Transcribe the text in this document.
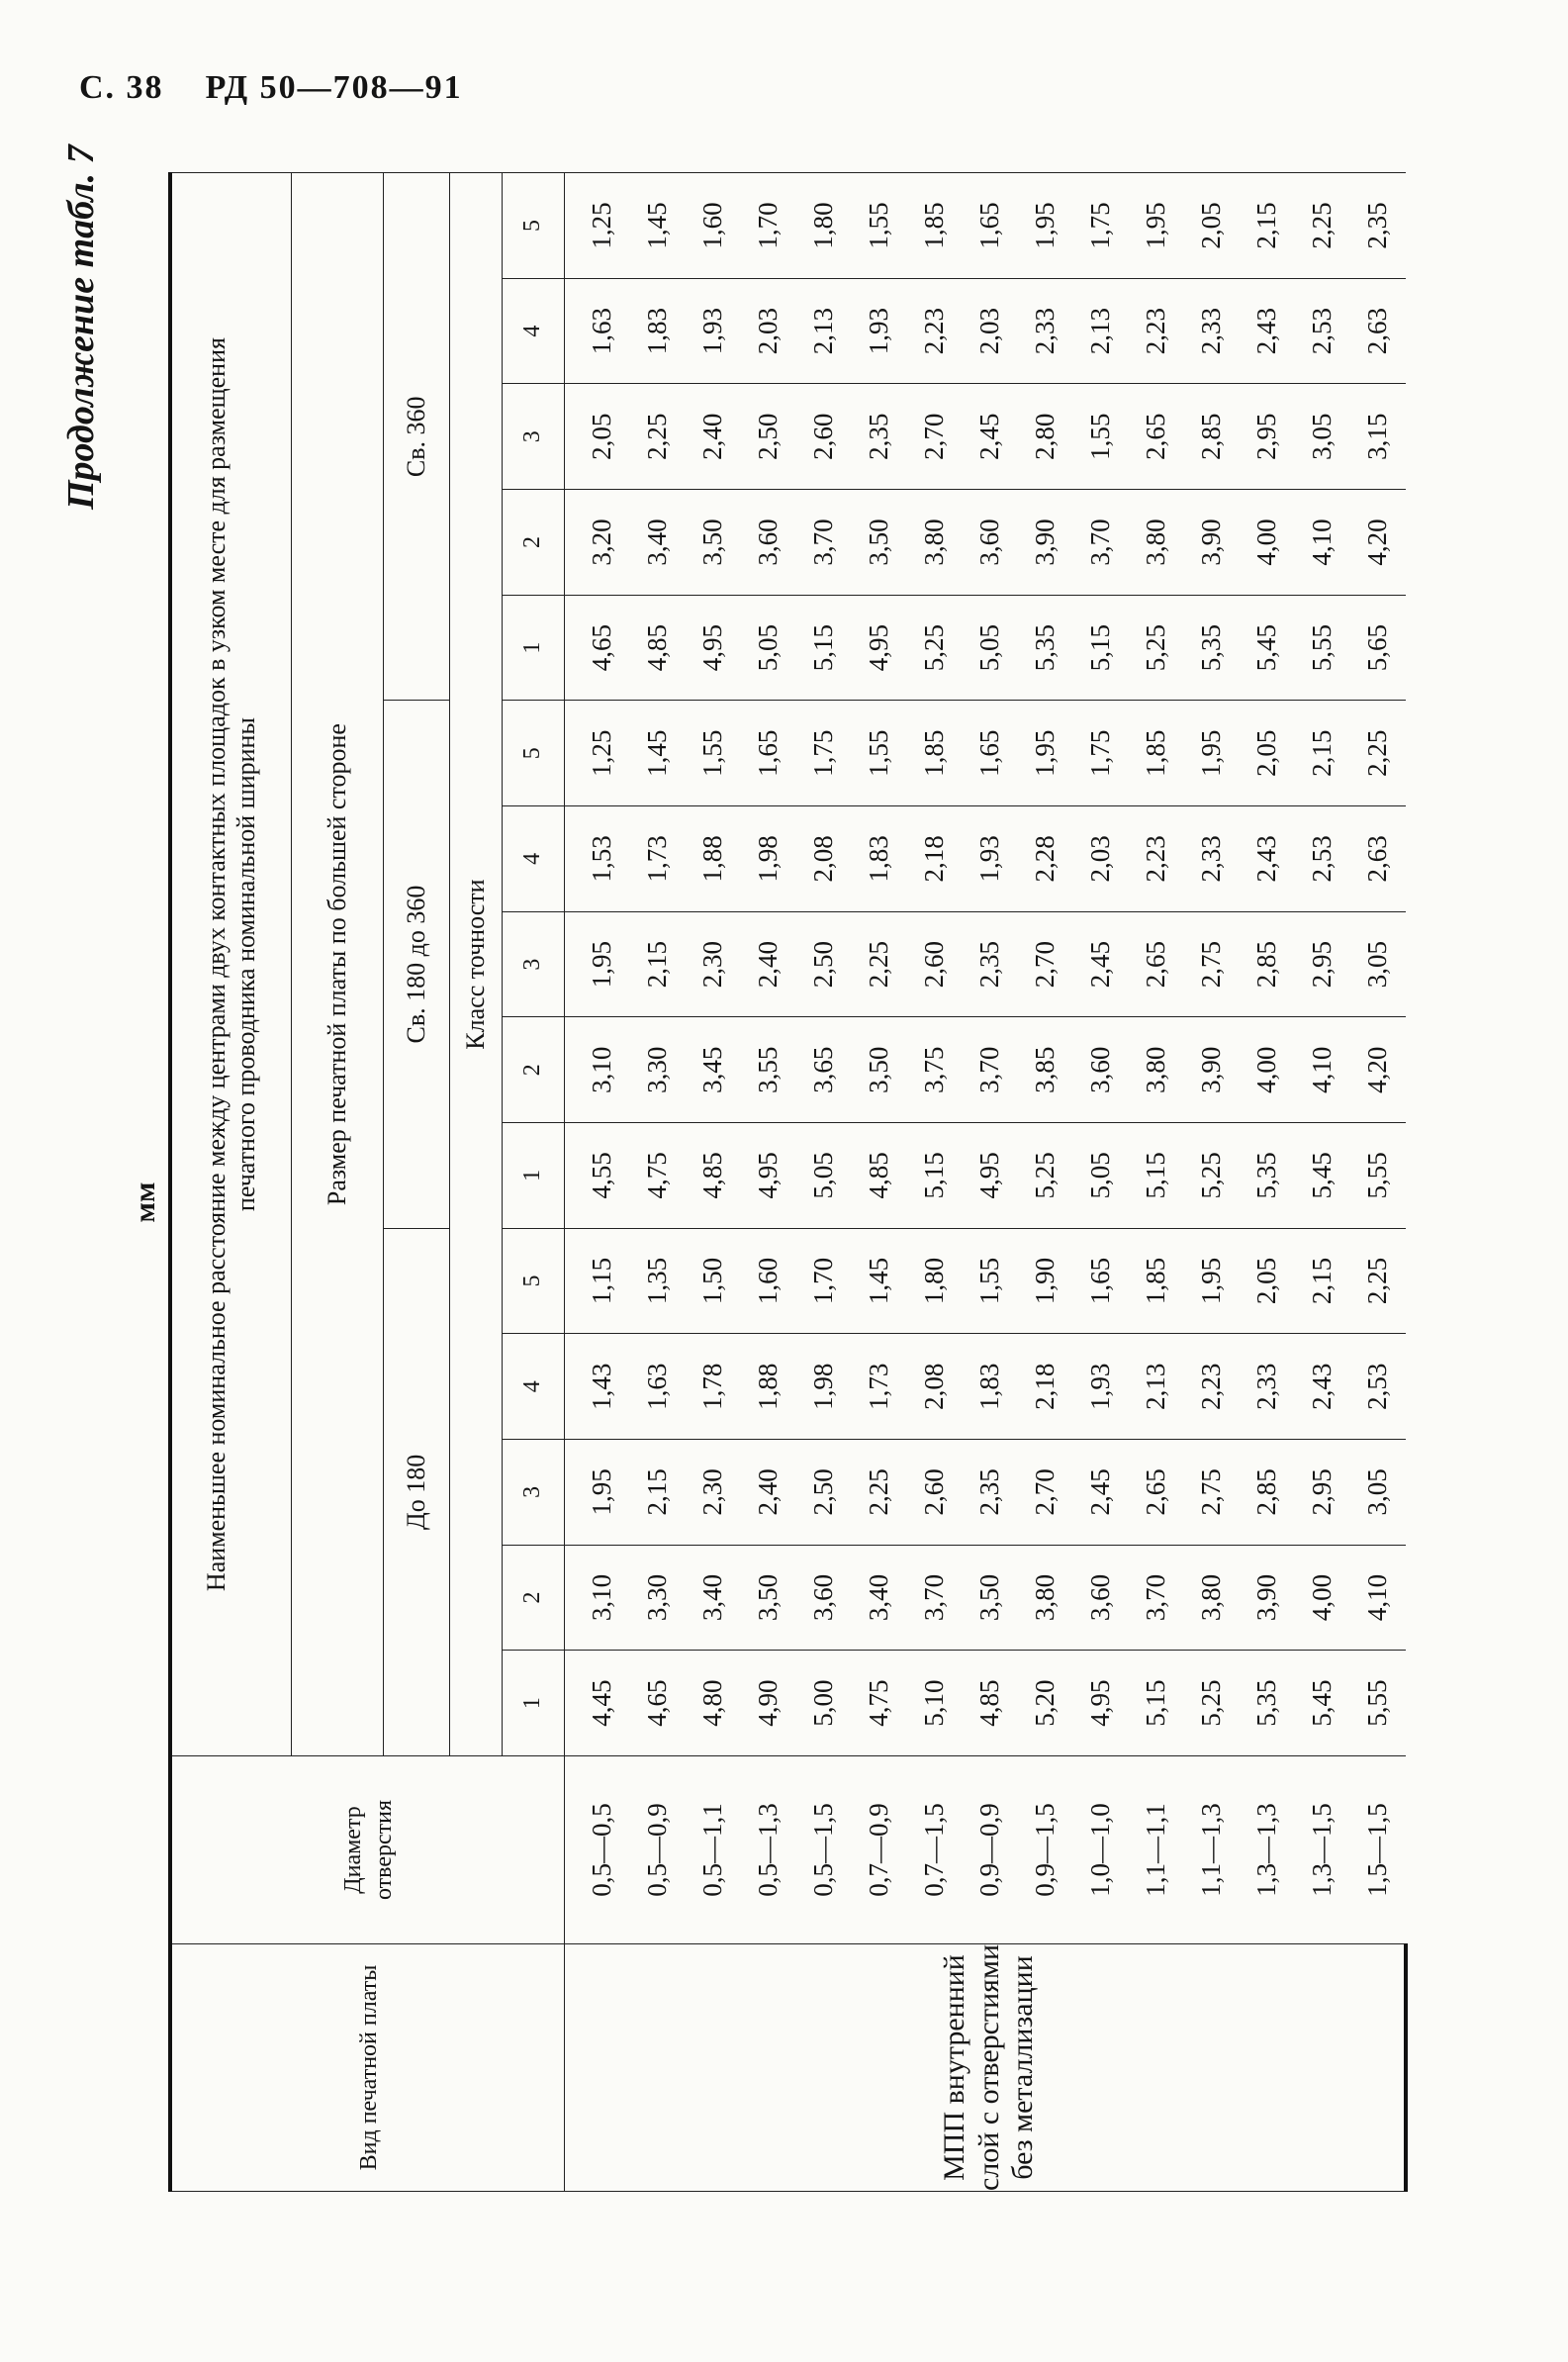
С. 38 РД 50—708—91
Продолжение табл. 7
мм
Вид печатной платы	Диаметр отверстия	Наименьшее номинальное расстояние между центрами двух контактных площадок в узком месте для размещения печатного проводника номинальной ширины														
		Размер печатной платы по большей стороне														
		До 180					Св. 180 до 360					Св. 360				
		Класс точности														
		1	2	3	4	5	1	2	3	4	5	1	2	3	4	5
МПП внутренний слой с отверстиями без металлизации	0,5—0,5	4,45	3,10	1,95	1,43	1,15	4,55	3,10	1,95	1,53	1,25	4,65	3,20	2,05	1,63	1,25
	0,5—0,9	4,65	3,30	2,15	1,63	1,35	4,75	3,30	2,15	1,73	1,45	4,85	3,40	2,25	1,83	1,45
	0,5—1,1	4,80	3,40	2,30	1,78	1,50	4,85	3,45	2,30	1,88	1,55	4,95	3,50	2,40	1,93	1,60
	0,5—1,3	4,90	3,50	2,40	1,88	1,60	4,95	3,55	2,40	1,98	1,65	5,05	3,60	2,50	2,03	1,70
	0,5—1,5	5,00	3,60	2,50	1,98	1,70	5,05	3,65	2,50	2,08	1,75	5,15	3,70	2,60	2,13	1,80
	0,7—0,9	4,75	3,40	2,25	1,73	1,45	4,85	3,50	2,25	1,83	1,55	4,95	3,50	2,35	1,93	1,55
	0,7—1,5	5,10	3,70	2,60	2,08	1,80	5,15	3,75	2,60	2,18	1,85	5,25	3,80	2,70	2,23	1,85
	0,9—0,9	4,85	3,50	2,35	1,83	1,55	4,95	3,70	2,35	1,93	1,65	5,05	3,60	2,45	2,03	1,65
	0,9—1,5	5,20	3,80	2,70	2,18	1,90	5,25	3,85	2,70	2,28	1,95	5,35	3,90	2,80	2,33	1,95
	1,0—1,0	4,95	3,60	2,45	1,93	1,65	5,05	3,60	2,45	2,03	1,75	5,15	3,70	1,55	2,13	1,75
	1,1—1,1	5,15	3,70	2,65	2,13	1,85	5,15	3,80	2,65	2,23	1,85	5,25	3,80	2,65	2,23	1,95
	1,1—1,3	5,25	3,80	2,75	2,23	1,95	5,25	3,90	2,75	2,33	1,95	5,35	3,90	2,85	2,33	2,05
	1,3—1,3	5,35	3,90	2,85	2,33	2,05	5,35	4,00	2,85	2,43	2,05	5,45	4,00	2,95	2,43	2,15
	1,3—1,5	5,45	4,00	2,95	2,43	2,15	5,45	4,10	2,95	2,53	2,15	5,55	4,10	3,05	2,53	2,25
	1,5—1,5	5,55	4,10	3,05	2,53	2,25	5,55	4,20	3,05	2,63	2,25	5,65	4,20	3,15	2,63	2,35
